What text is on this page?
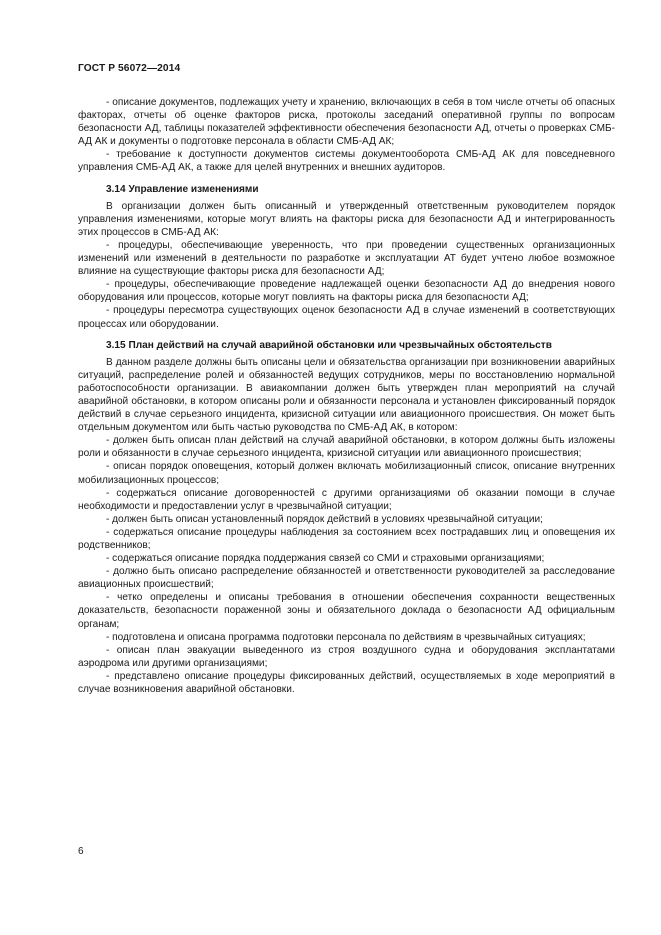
ГОСТ Р 56072—2014

- описание документов, подлежащих учету и хранению, включающих в себя в том числе отчеты об опасных факторах, отчеты об оценке факторов риска, протоколы заседаний оперативной группы по вопросам безопасности АД, таблицы показателей эффективности обеспечения безопасности АД, отчеты о проверках СМБ-АД АК и документы о подготовке персонала в области СМБ-АД АК;

- требование к доступности документов системы документооборота СМБ-АД АК для повседневного управления СМБ-АД АК, а также для целей внутренних и внешних аудиторов.

3.14 Управление изменениями

В организации должен быть описанный и утвержденный ответственным руководителем порядок управления изменениями, которые могут влиять на факторы риска для безопасности АД и интегрированность этих процессов в СМБ-АД АК:

- процедуры, обеспечивающие уверенность, что при проведении существенных организационных изменений или изменений в деятельности по разработке и эксплуатации АТ будет учтено любое возможное влияние на существующие факторы риска для безопасности АД;

- процедуры, обеспечивающие проведение надлежащей оценки безопасности АД до внедрения нового оборудования или процессов, которые могут повлиять на факторы риска для безопасности АД;

- процедуры пересмотра существующих оценок безопасности АД в случае изменений в соответствующих процессах или оборудовании.

3.15 План действий на случай аварийной обстановки или чрезвычайных обстоятельств

В данном разделе должны быть описаны цели и обязательства организации при возникновении аварийных ситуаций, распределение ролей и обязанностей ведущих сотрудников, меры по восстановлению нормальной работоспособности организации. В авиакомпании должен быть утвержден план мероприятий на случай аварийной обстановки, в котором описаны роли и обязанности персонала и установлен фиксированный порядок действий в случае серьезного инцидента, кризисной ситуации или авиационного происшествия. Он может быть отдельным документом или быть частью руководства по СМБ-АД АК, в котором:

- должен быть описан план действий на случай аварийной обстановки, в котором должны быть изложены роли и обязанности в случае серьезного инцидента, кризисной ситуации или авиационного происшествия;

- описан порядок оповещения, который должен включать мобилизационный список, описание внутренних мобилизационных процессов;

- содержаться описание договоренностей с другими организациями об оказании помощи в случае необходимости и предоставлении услуг в чрезвычайной ситуации;

- должен быть описан установленный порядок действий в условиях чрезвычайной ситуации;

- содержаться описание процедуры наблюдения за состоянием всех пострадавших лиц и оповещения их родственников;

- содержаться описание порядка поддержания связей со СМИ и страховыми организациями;

- должно быть описано распределение обязанностей и ответственности руководителей за расследование авиационных происшествий;

- четко определены и описаны требования в отношении обеспечения сохранности вещественных доказательств, безопасности пораженной зоны и обязательного доклада о безопасности АД официальным органам;

- подготовлена и описана программа подготовки персонала по действиям в чрезвычайных ситуациях;

- описан план эвакуации выведенного из строя воздушного судна и оборудования эксплантатами аэродрома или другими организациями;

- представлено описание процедуры фиксированных действий, осуществляемых в ходе мероприятий в случае возникновения аварийной обстановки.

6
